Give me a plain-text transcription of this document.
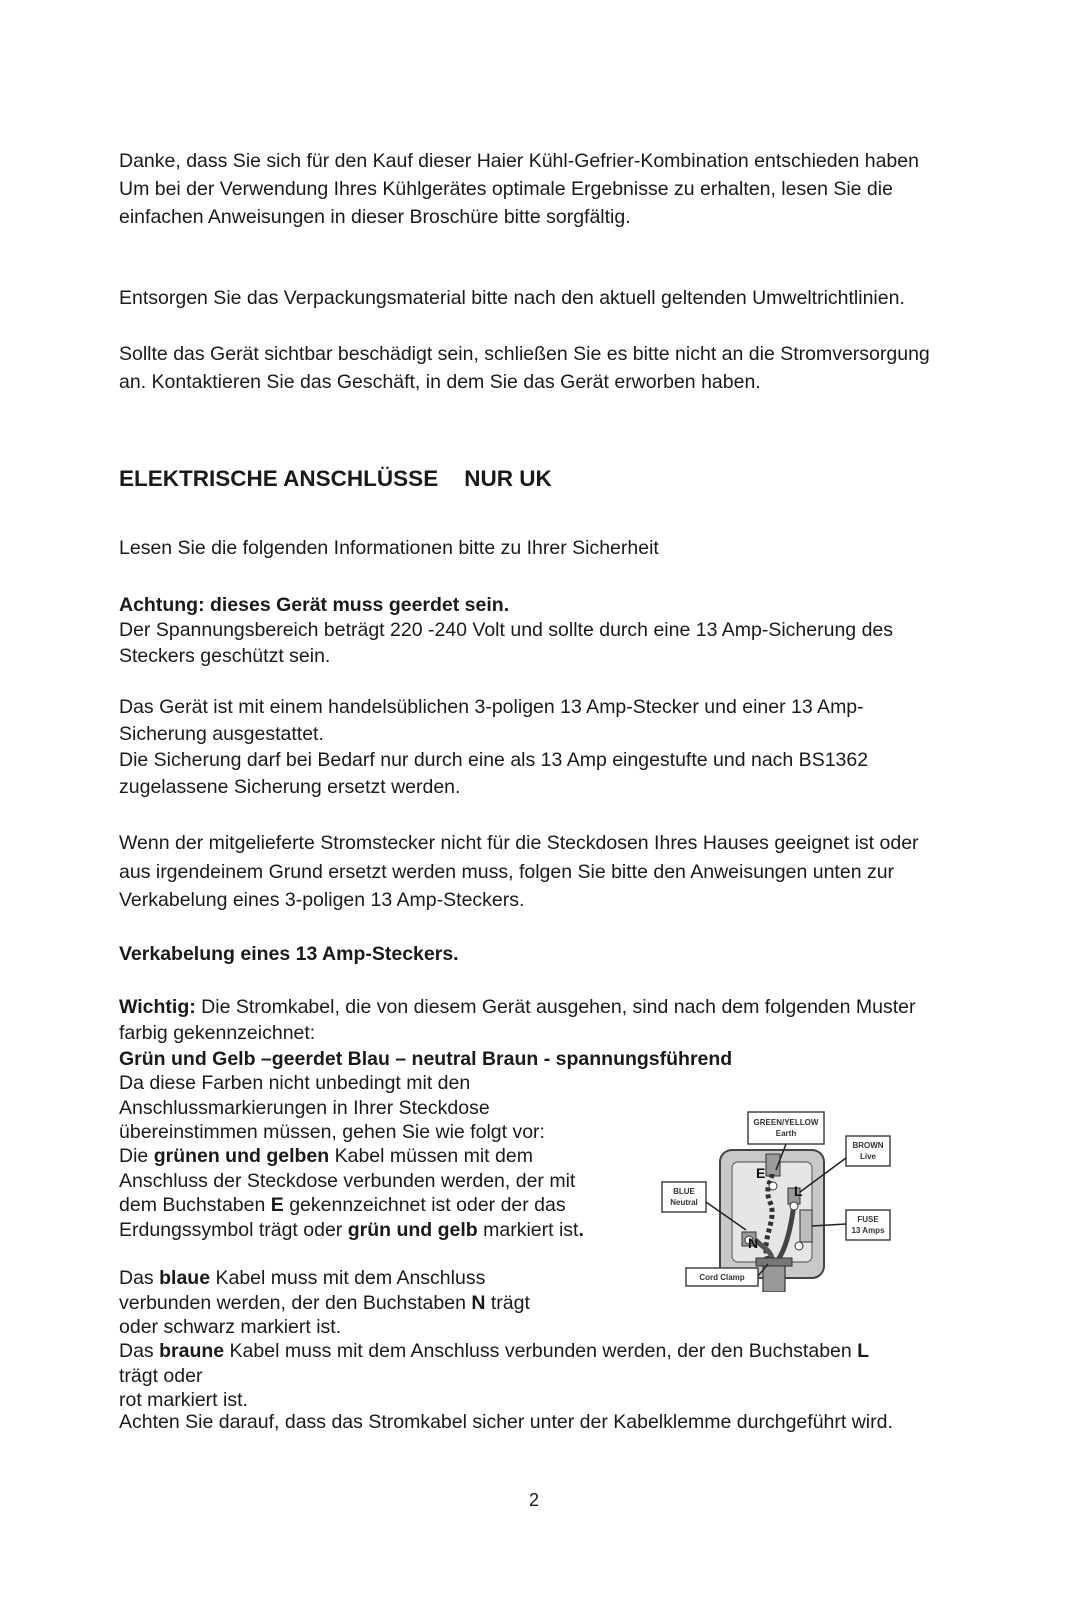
Danke, dass Sie sich für den Kauf dieser Haier Kühl-Gefrier-Kombination entschieden haben Um bei der Verwendung Ihres Kühlgerätes optimale Ergebnisse zu erhalten, lesen Sie die einfachen Anweisungen in dieser Broschüre bitte sorgfältig.

Entsorgen Sie das Verpackungsmaterial bitte nach den aktuell geltenden Umweltrichtlinien.

Sollte das Gerät sichtbar beschädigt sein, schließen Sie es bitte nicht an die Stromversorgung an. Kontaktieren Sie das Geschäft, in dem Sie das Gerät erworben haben.

ELEKTRISCHE ANSCHLÜSSE NUR UK

Lesen Sie die folgenden Informationen bitte zu Ihrer Sicherheit

Achtung: dieses Gerät muss geerdet sein.

Der Spannungsbereich beträgt 220 -240 Volt und sollte durch eine 13 Amp-Sicherung des Steckers geschützt sein.

Das Gerät ist mit einem handelsüblichen 3-poligen 13 Amp-Stecker und einer 13 Amp-Sicherung ausgestattet.

Die Sicherung darf bei Bedarf nur durch eine als 13 Amp eingestufte und nach BS1362 zugelassene Sicherung ersetzt werden.

Wenn der mitgelieferte Stromstecker nicht für die Steckdosen Ihres Hauses geeignet ist oder aus irgendeinem Grund ersetzt werden muss, folgen Sie bitte den Anweisungen unten zur Verkabelung eines 3-poligen 13 Amp-Steckers.

Verkabelung eines 13 Amp-Steckers.

Wichtig: Die Stromkabel, die von diesem Gerät ausgehen, sind nach dem folgenden Muster farbig gekennzeichnet:

Grün und Gelb –geerdet Blau – neutral Braun - spannungsführend

Da diese Farben nicht unbedingt mit den Anschlussmarkierungen in Ihrer Steckdose übereinstimmen müssen, gehen Sie wie folgt vor:

Die grünen und gelben Kabel müssen mit dem Anschluss der Steckdose verbunden werden, der mit dem Buchstaben E gekennzeichnet ist oder der das Erdungssymbol trägt oder grün und gelb markiert ist.

Das blaue Kabel muss mit dem Anschluss verbunden werden, der den Buchstaben N trägt oder schwarz markiert ist.

Das braune Kabel muss mit dem Anschluss verbunden werden, der den Buchstaben L
trägt oder
rot markiert ist.

Achten Sie darauf, dass das Stromkabel sicher unter der Kabelklemme durchgeführt wird.

E
L
N
GREEN/YELLOW
Earth
BROWN
Live
BLUE
Neutral
FUSE
13 Amps
Cord Clamp
2
